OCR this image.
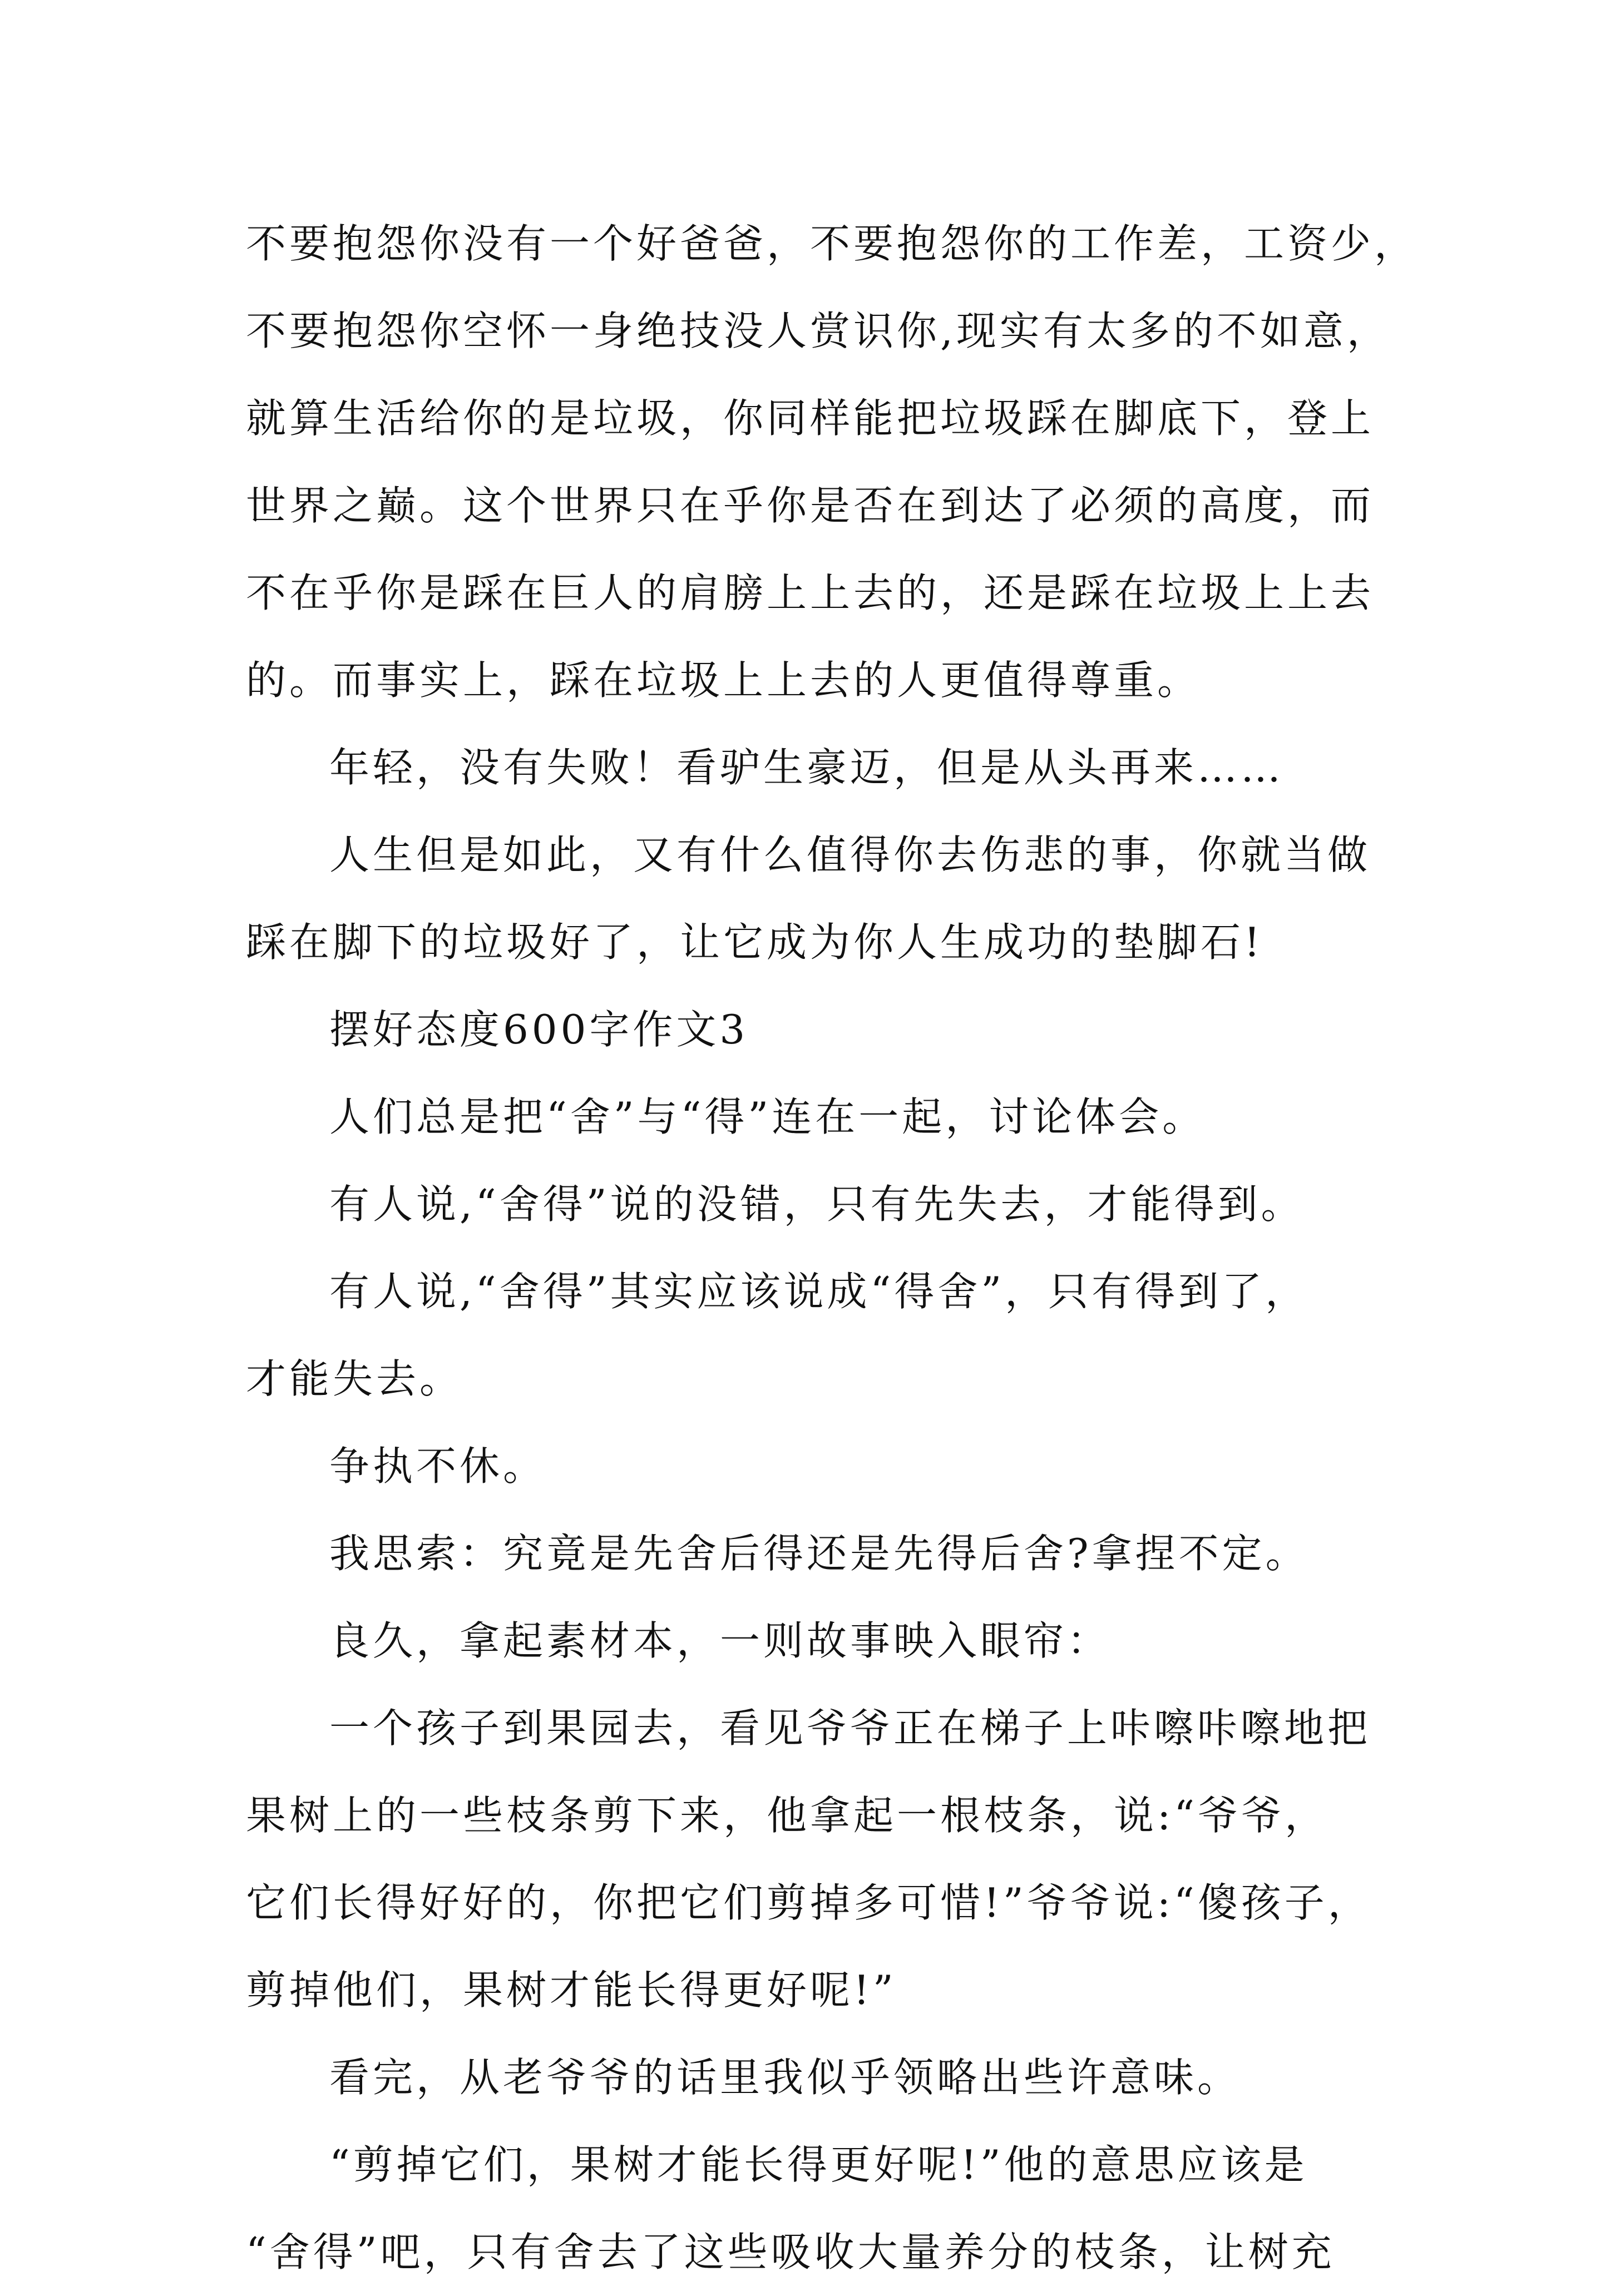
不要抱怨你没有一个好爸爸，不要抱怨你的工作差，工资少，
不要抱怨你空怀一身绝技没人赏识你,现实有太多的不如意，
就算生活给你的是垃圾，你同样能把垃圾踩在脚底下，登上
世界之巅。这个世界只在乎你是否在到达了必须的高度，而
不在乎你是踩在巨人的肩膀上上去的，还是踩在垃圾上上去
的。而事实上，踩在垃圾上上去的人更值得尊重。
年轻，没有失败！看驴生豪迈，但是从头再来……
人生但是如此，又有什么值得你去伤悲的事，你就当做
踩在脚下的垃圾好了，让它成为你人生成功的垫脚石!
摆好态度600字作文3
人们总是把“舍”与“得”连在一起，讨论体会。
有人说,“舍得”说的没错，只有先失去，才能得到。
有人说,“舍得”其实应该说成“得舍”，只有得到了，
才能失去。
争执不休。
我思索：究竟是先舍后得还是先得后舍?拿捏不定。
良久，拿起素材本，一则故事映入眼帘：
一个孩子到果园去，看见爷爷正在梯子上咔嚓咔嚓地把
果树上的一些枝条剪下来，他拿起一根枝条，说:“爷爷，
它们长得好好的，你把它们剪掉多可惜!”爷爷说:“傻孩子，
剪掉他们，果树才能长得更好呢!”
看完，从老爷爷的话里我似乎领略出些许意味。
“剪掉它们，果树才能长得更好呢!”他的意思应该是
“舍得”吧，只有舍去了这些吸收大量养分的枝条，让树充
